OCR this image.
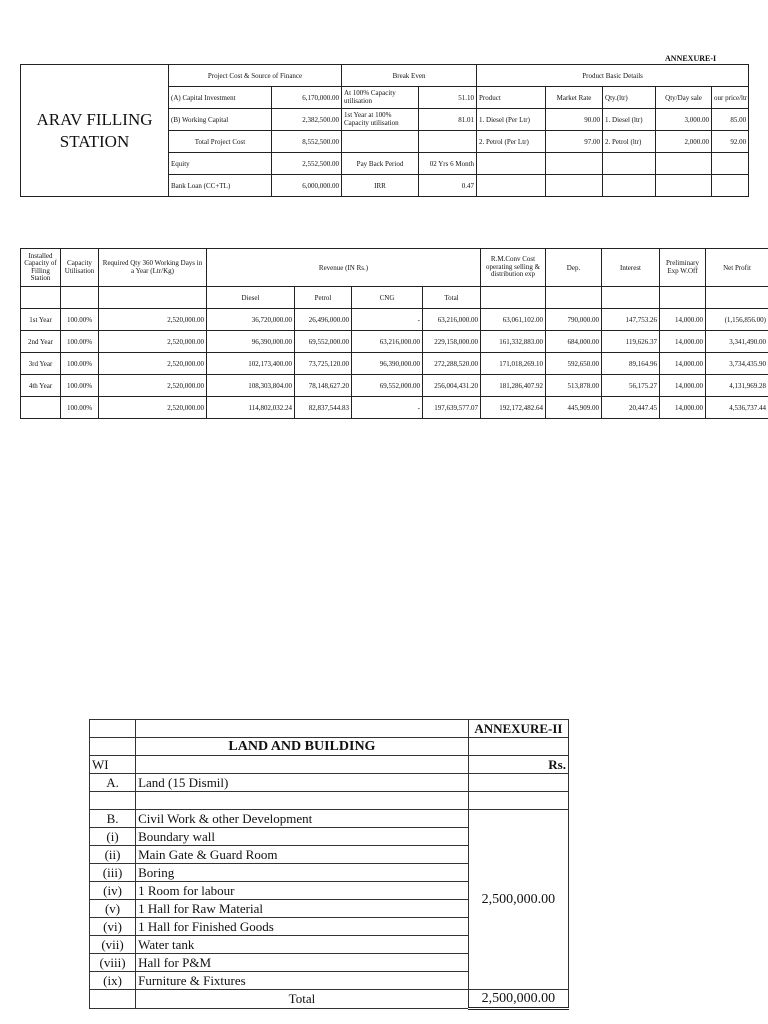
ANNEXURE-I
ARAV FILLING STATION	Project Cost & Source of Finance		Break Even		Product Basic Details				
	(A) Capital Investment	6,170,000.00	At 100% Capacity utilisation	51.10	Product	Market Rate	Qty.(ltr)	Qty/Day sale	our price/ltr
	(B) Working Capital	2,382,500.00	1st Year at 100% Capacity utilisation	81.01	1. Diesel (Per Ltr)	90.00	1. Diesel (ltr)	3,000.00	85.00
	Total Project Cost	8,552,500.00			2. Petrol (Per Ltr)	97.00	2. Petrol (ltr)	2,000.00	92.00
	Equity	2,552,500.00	Pay Back Period	02 Yrs 6 Month					
	Bank Loan (CC+TL)	6,000,000.00	IRR	0.47					
Installed Capacity of Filling Station	Capacity Utilisation	Required Qty 360 Working Days in a Year (Ltr/Kg)	Revenue (IN Rs.)				R.M.Conv Cost operating selling & distribution exp	Dep.	Interest	Preliminary Exp W.Off	Net Profit
			Diesel	Petrol	CNG	Total					
1st Year	100.00%	2,520,000.00	36,720,000.00	26,496,000.00	-	63,216,000.00	63,061,102.00	790,000.00	147,753.26	14,000.00	(1,156,856.00)
2nd Year	100.00%	2,520,000.00	96,390,000.00	69,552,000.00	63,216,000.00	229,158,000.00	161,332,883.00	684,000.00	119,626.37	14,000.00	3,341,490.00
3rd Year	100.00%	2,520,000.00	102,173,400.00	73,725,120.00	96,390,000.00	272,288,520.00	171,018,269.10	592,650.00	89,164.96	14,000.00	3,734,435.90
4th Year	100.00%	2,520,000.00	108,303,804.00	78,148,627.20	69,552,000.00	256,004,431.20	181,286,407.92	513,878.00	56,175.27	14,000.00	4,131,969.28
	100.00%	2,520,000.00	114,802,032.24	82,837,544.83	-	197,639,577.07	192,172,482.64	445,909.00	20,447.45	14,000.00	4,536,737.44
		ANNEXURE-II
	LAND AND BUILDING	
WI		Rs.
A.	Land (15 Dismil)	

B.	Civil Work & other Development	2,500,000.00
(i)	Boundary wall	
(ii)	Main Gate & Guard Room	
(iii)	Boring	
(iv)	1 Room for labour	
(v)	1 Hall for Raw Material	
(vi)	1 Hall for Finished Goods	
(vii)	Water tank	
(viii)	Hall for P&M	
(ix)	Furniture & Fixtures	
	Total	2,500,000.00
